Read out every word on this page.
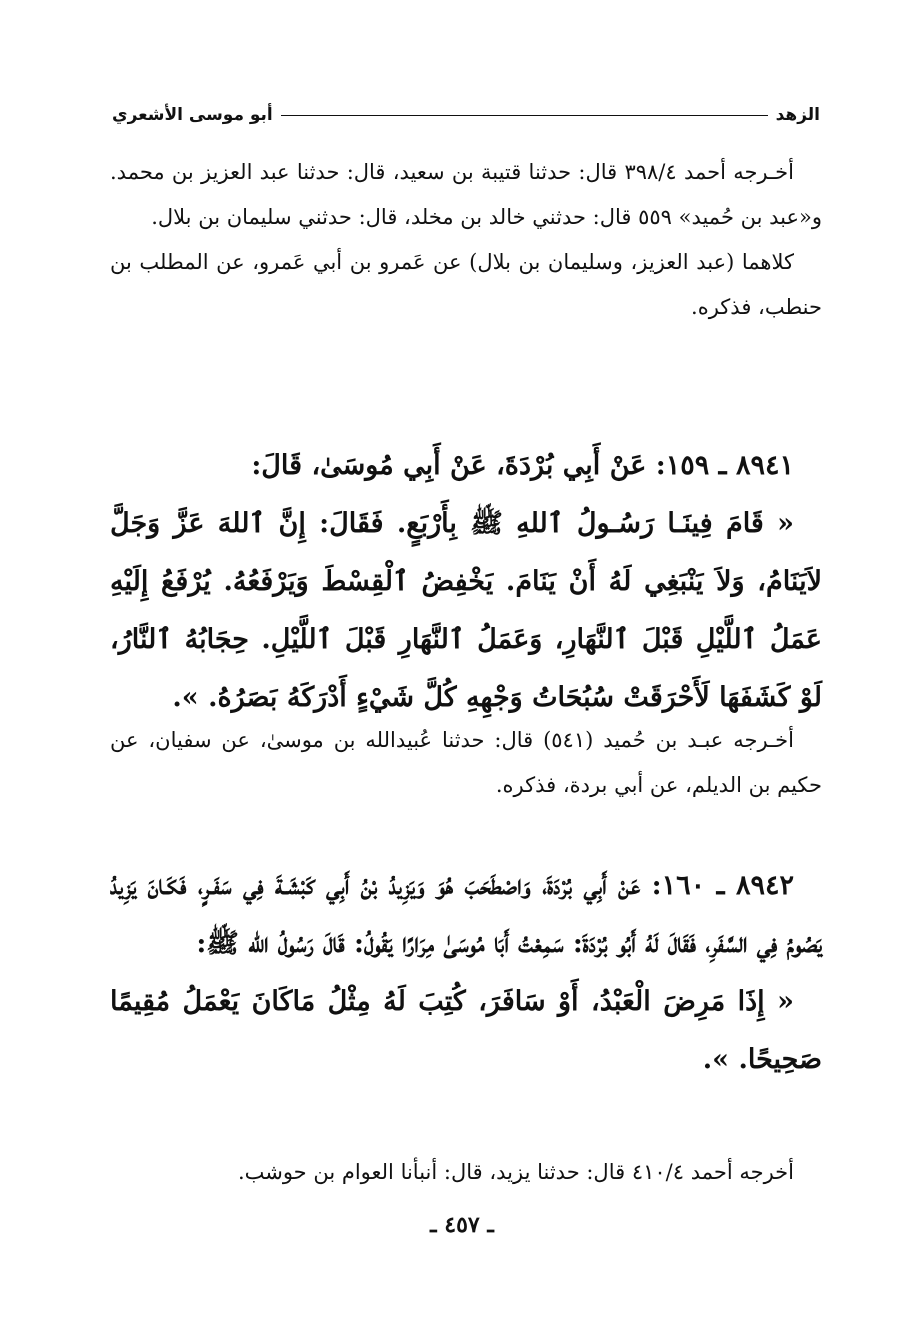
الزهد
أبو موسى الأشعري

أخـرجه أحمد ٣٩٨/٤ قال: حدثنا قتيبة بن سعيد، قال: حدثنا عبد العزيز بن محمد. و«عبد بن حُميد» ٥٥٩ قال: حدثني خالد بن مخلد، قال: حدثني سليمان بن بلال.

كلاهما (عبد العزيز، وسليمان بن بلال) عن عَمرو بن أبي عَمرو، عن المطلب بن حنطب، فذكره.

٨٩٤١ ـ ١٥٩: عَنْ أَبِي بُرْدَةَ، عَنْ أَبِي مُوسَىٰ، قَالَ:

« قَامَ فِينَـا رَسُـولُ ٱللهِ ﷺ بِأَرْبَعٍ. فَقَالَ: إِنَّ ٱللهَ عَزَّ وَجَلَّ لاَيَنَامُ، وَلاَ يَنْبَغِي لَهُ أَنْ يَنَامَ. يَخْفِضُ ٱلْقِسْطَ وَيَرْفَعُهُ. يُرْفَعُ إِلَيْهِ عَمَلُ ٱللَّيْلِ قَبْلَ ٱلنَّهَارِ، وَعَمَلُ ٱلنَّهَارِ قَبْلَ ٱللَّيْلِ. حِجَابُهُ ٱلنَّارُ، لَوْ كَشَفَهَا لَأَحْرَقَتْ سُبُحَاتُ وَجْهِهِ كُلَّ شَيْءٍ أَدْرَكَهُ بَصَرُهُ. ».

أخـرجه عبـد بن حُميد (٥٤١) قال: حدثنا عُبيدالله بن موسىٰ، عن سفيان، عن حكيم بن الديلم، عن أبي بردة، فذكره.

٨٩٤٢ ـ ١٦٠: عَنْ أَبِي بُرْدَةَ، وَاصْطَحَبَ هُوَ وَيَزِيدُ بْنُ أَبِي كَبْشَـةَ فِي سَفَـرٍ، فَكَـانَ يَزِيدُ يَصُومُ فِي السَّفَرِ، فَقَالَ لَهُ أَبُو بُرْدَةَ: سَمِعْتُ أَبَا مُوسَىٰ مِرَارًا يَقُولُ: قَالَ رَسُولُ الله ﷺ:

« إِذَا مَرِضَ الْعَبْدُ، أَوْ سَافَرَ، كُتِبَ لَهُ مِثْلُ مَاكَانَ يَعْمَلُ مُقِيمًا صَحِيحًا. ».

أخرجه أحمد ٤١٠/٤ قال: حدثنا يزيد، قال: أنبأنا العوام بن حوشب.

ـ ٤٥٧ ـ
